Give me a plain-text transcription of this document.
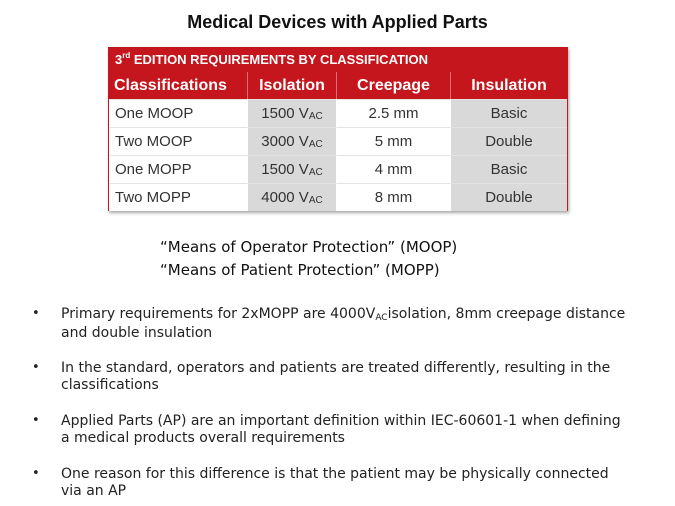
Medical Devices with Applied Parts
3rd EDITION REQUIREMENTS BY CLASSIFICATION
Classifications	Isolation	Creepage	Insulation
One MOOP	1500 $V_{AC}$	2.5 mm	Basic
Two MOOP	3000 $V_{AC}$	5 mm	Double
One MOPP	1500 $V_{AC}$	4 mm	Basic
Two MOPP	4000 $V_{AC}$	8 mm	Double
“Means of Operator Protection” (MOOP)
“Means of Patient Protection” (MOPP)
• Primary requirements for 2xMOPP are $4000V_{AC}isolation$, 8mm creepage distance and double insulation
• In the standard, operators and patients are treated differently, resulting in the classifications
• Applied Parts (AP) are an important definition within IEC-60601-1 when defining a medical products overall requirements
• One reason for this difference is that the patient may be physically connected via an AP
